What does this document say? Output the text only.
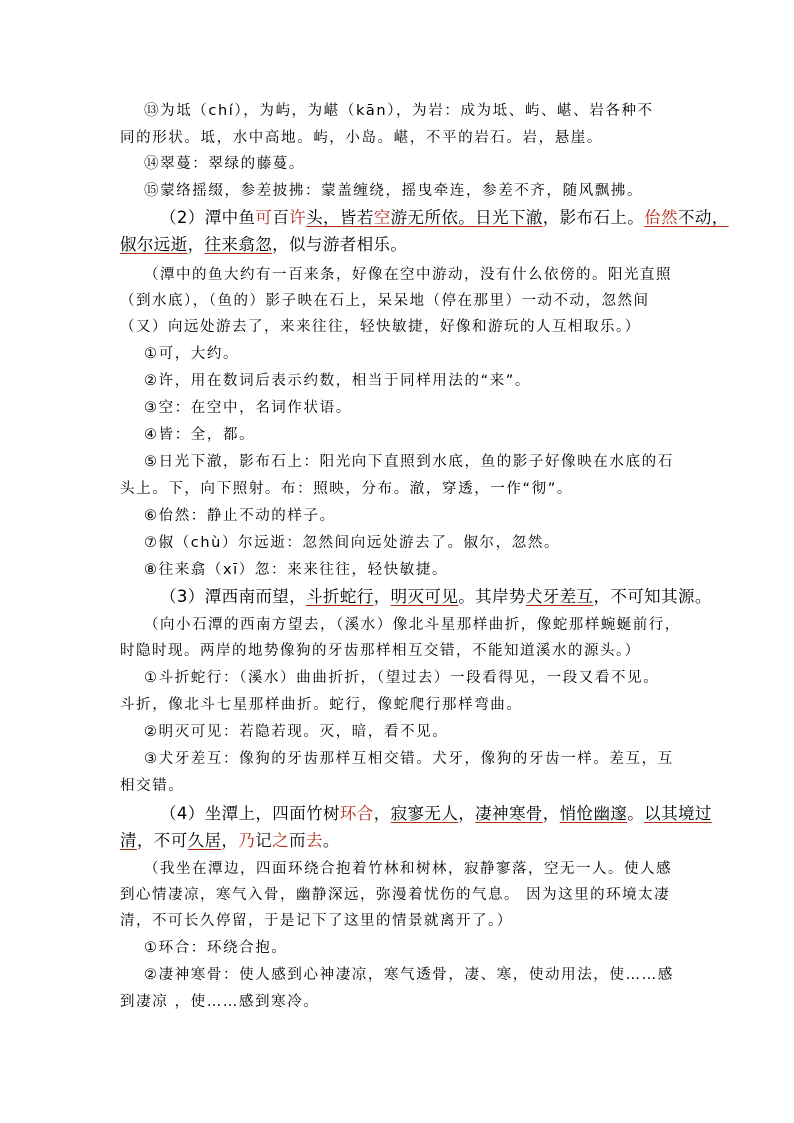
⑬为坻（chí），为屿，为嵁（kān），为岩：成为坻、屿、嵁、岩各种不
同的形状。坻，水中高地。屿，小岛。嵁，不平的岩石。岩，悬崖。

⑭翠蔓：翠绿的藤蔓。

⑮蒙络摇缀，参差披拂：蒙盖缠绕，摇曳牵连，参差不齐，随风飘拂。

（2）潭中鱼可百许头，皆若空游无所依。日光下澈，影布石上。佁然不动，
俶尔远逝，往来翕忽，似与游者相乐。

（潭中的鱼大约有一百来条，好像在空中游动，没有什么依傍的。阳光直照
（到水底），（鱼的）影子映在石上，呆呆地（停在那里）一动不动，忽然间
（又）向远处游去了，来来往往，轻快敏捷，好像和游玩的人互相取乐。）

①可，大约。

②许，用在数词后表示约数，相当于同样用法的“来”。

③空：在空中，名词作状语。

④皆：全，都。

⑤日光下澈，影布石上：阳光向下直照到水底，鱼的影子好像映在水底的石
头上。下，向下照射。布：照映，分布。澈，穿透，一作“彻”。

⑥佁然：静止不动的样子。

⑦俶（chù）尔远逝：忽然间向远处游去了。俶尔，忽然。

⑧往来翕（xī）忽：来来往往，轻快敏捷。

（3）潭西南而望，斗折蛇行，明灭可见。其岸势犬牙差互，不可知其源。

（向小石潭的西南方望去，（溪水）像北斗星那样曲折，像蛇那样蜿蜒前行，
时隐时现。两岸的地势像狗的牙齿那样相互交错，不能知道溪水的源头。）

①斗折蛇行：（溪水）曲曲折折，（望过去）一段看得见，一段又看不见。
斗折，像北斗七星那样曲折。蛇行，像蛇爬行那样弯曲。

②明灭可见：若隐若现。灭，暗，看不见。

③犬牙差互：像狗的牙齿那样互相交错。犬牙，像狗的牙齿一样。差互，互
相交错。

（4）坐潭上，四面竹树环合，寂寥无人，凄神寒骨，悄怆幽邃。以其境过
清，不可久居，乃记之而去。

（我坐在潭边，四面环绕合抱着竹林和树林，寂静寥落，空无一人。使人感
到心情凄凉，寒气入骨，幽静深远，弥漫着忧伤的气息。 因为这里的环境太凄
清，不可长久停留，于是记下了这里的情景就离开了。）

①环合：环绕合抱。

②凄神寒骨：使人感到心神凄凉，寒气透骨，凄、寒，使动用法，使……感
到凄凉 ，使……感到寒冷。
